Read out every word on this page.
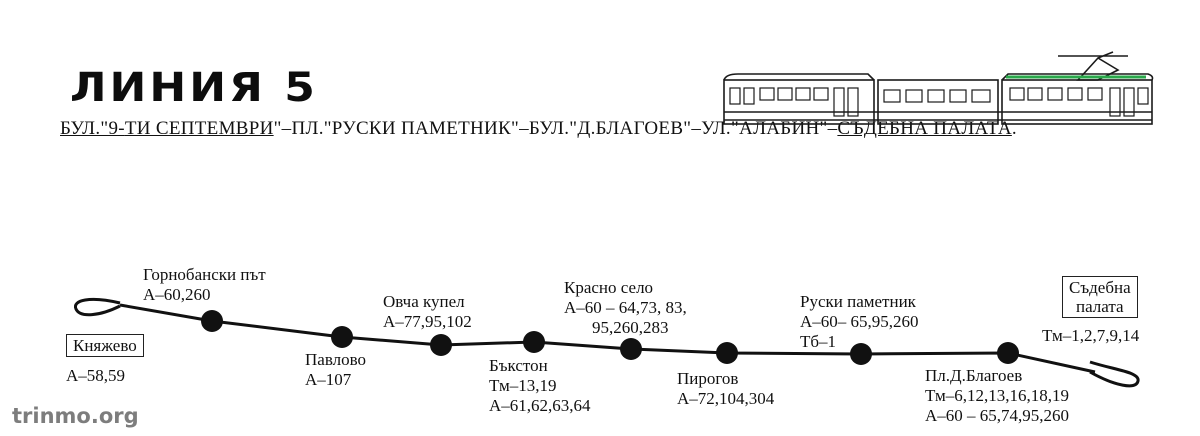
ЛИНИЯ 5
БУЛ."9-ТИ СЕПТЕМВРИ"–ПЛ."РУСКИ ПАМЕТНИК"–БУЛ."Д.БЛАГОЕВ"–УЛ."АЛАБИН"–СЪДЕБНА ПАЛАТА.
Княжево
А–58,59
Съдебна
палата
Тм–1,2,7,9,14
Горнобански път
А–60,260
Павлово
А–107
Овча купел
А–77,95,102
Бъкстон
Тм–13,19
А–61,62,63,64
Красно село
А–60 – 64,73, 83,
95,260,283
Пирогов
А–72,104,304
Руски паметник
А–60– 65,95,260
Тб–1
Пл.Д.Благоев
Тм–6,12,13,16,18,19
А–60 – 65,74,95,260
trinmo.org
